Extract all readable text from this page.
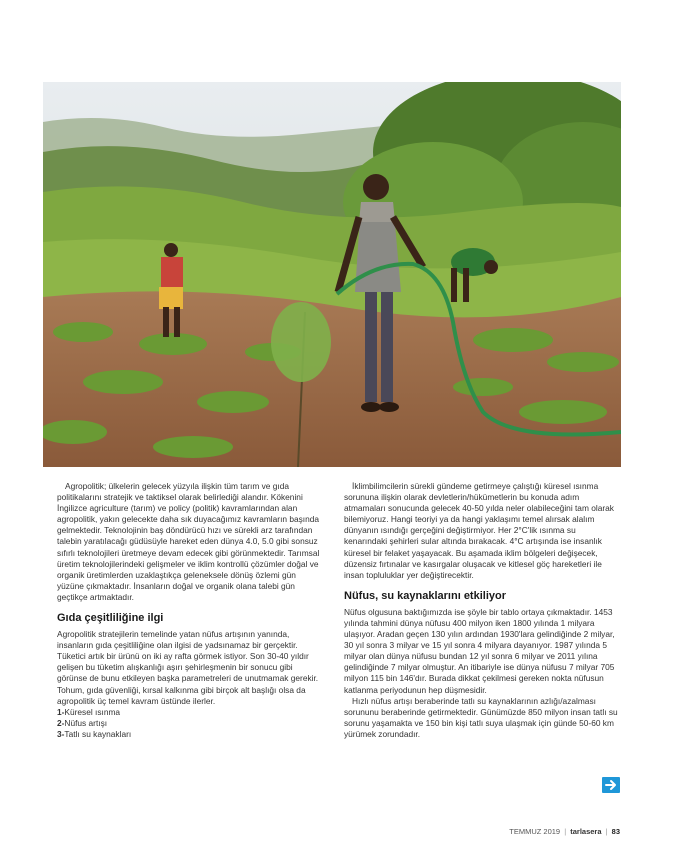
Agropolitik; ülkelerin gelecek yüzyıla ilişkin tüm tarım ve gıda politikalarını stratejik ve taktiksel olarak belirlediği alandır. Kökenini İngilizce agriculture (tarım) ve policy (politik) kavramlarından alan agropolitik, yakın gelecekte daha sık duyacağımız kavramların başında gelmektedir. Teknolojinin baş döndürücü hızı ve sürekli arz tarafından talebin yaratılacağı güdüsüyle hareket eden dünya 4.0, 5.0 gibi sonsuz sıfırlı teknolojileri üretmeye devam edecek gibi görünmektedir. Tarımsal üretim teknolojilerindeki gelişmeler ve iklim kontrollü çözümler doğal ve organik üretimlerden uzaklaştıkça geleneksele dönüş özlemi gün yüzüne çıkmaktadır. İnsanların doğal ve organik olana talebi gün geçtikçe artmaktadır.

Gıda çeşitliliğine ilgi

Agropolitik stratejilerin temelinde yatan nüfus artışının yanında, insanların gıda çeşitliliğine olan ilgisi de yadsınamaz bir gerçektir. Tüketici artık bir ürünü on iki ay rafta görmek istiyor. Son 30-40 yıldır gelişen bu tüketim alışkanlığı aşırı şehirleşmenin bir sonucu gibi görünse de bunu etkileyen başka parametreleri de unutmamak gerekir. Tohum, gıda güvenliği, kırsal kalkınma gibi birçok alt başlığı olsa da agropolitik üç temel kavram üstünde ilerler.

1-Küresel ısınma
2-Nüfus artışı
3-Tatlı su kaynakları

İklimbilimcilerin sürekli gündeme getirmeye çalıştığı küresel ısınma sorununa ilişkin olarak devletlerin/hükümetlerin bu konuda adım atmamaları sonucunda gelecek 40-50 yılda neler olabileceğini tam olarak bilemiyoruz. Hangi teoriyi ya da hangi yaklaşımı temel alırsak alalım dünyanın ısındığı gerçeğini değiştirmiyor. Her 2°C'lik ısınma su kenarındaki şehirleri sular altında bırakacak. 4°C artışında ise insanlık küresel bir felaket yaşayacak. Bu aşamada iklim bölgeleri değişecek, düzensiz fırtınalar ve kasırgalar oluşacak ve kitlesel göç hareketleri ile insan topluluklar yer değiştirecektir.

Nüfus, su kaynaklarını etkiliyor

Nüfus olgusuna baktığımızda ise şöyle bir tablo ortaya çıkmaktadır. 1453 yılında tahmini dünya nüfusu 400 milyon iken 1800 yılında 1 milyara ulaşıyor. Aradan geçen 130 yılın ardından 1930'lara gelindiğinde 2 milyar, 30 yıl sonra 3 milyar ve 15 yıl sonra 4 milyara dayanıyor. 1987 yılında 5 milyar olan dünya nüfusu bundan 12 yıl sonra 6 milyar ve 2011 yılına gelindiğinde 7 milyar olmuştur. An itibariyle ise dünya nüfusu 7 milyar 705 milyon 115 bin 146'dır. Burada dikkat çekilmesi gereken nokta nüfusun katlanma periyodunun hep düşmesidir.

Hızlı nüfus artışı beraberinde tatlı su kaynaklarının azlığı/azalması sorununu beraberinde getirmektedir. Günümüzde 850 milyon insan tatlı su sorunu yaşamakta ve 150 bin kişi tatlı suya ulaşmak için günde 50-60 km yürümek zorundadır.

TEMMUZ 2019 | tarlasera | 83
